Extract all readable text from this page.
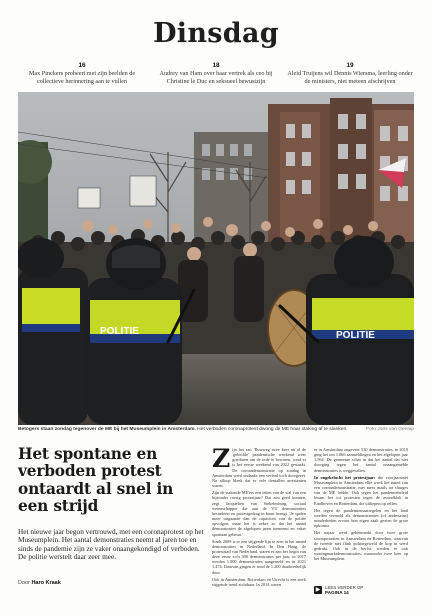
Dinsdag
16
Max Pinckers probeert met zijn beelden de collectieve herinnering aan te vullen
18
Audrey van Ham over haar vertrek als ceo bij Christine le Duc en seksueel bewustzijn
19
Aleid Truijens wil Dennis Wiersma, leerling onder de ministers, niet meteen afschrijven
POLITIE	POLITIE
Betogers staan zondag tegenover de ME bij het Museumplein in Amsterdam. Het verboden coronaprotest dwong de ME haar staking af te slanken.	Foto Joris van Gennip
Het spontane en verboden protest ontaardt al snel in een strijd

Het nieuwe jaar begon vertrouwd, met een coronaprotest op het Museumplein. Het aantal demonstraties neemt al jaren toe en sinds de pandemie zijn ze vaker onaangekondigd of verboden. De politie werstelt daar zeer mee.

Door Haro Kraak

Zijn het zat: 'Ruwweg twee keer nu al de 'geloofde' pandemische weekend weer goeduren om de orde te bewaren, werd er is het eerste weekend van 2022 gestaakt. De coronademonstratie op zondag in Amsterdam werd ondanks een verbod toch doorgezet. Na afloop bleek dat er vele tientallen arrestanten waren.

Zijn de stakende ME'ers een teken van de wal van een bijzonder roerig protestjaar? Dat zou goed kunnen, zegt Jacquelien van Stekelenburg, sociaal wetenschapper die aan de VU demonstraties bestudeert en protestgedrag in kaart brengt. 'Je spelen meer uitgaande dan de capaciteit van de politie opvolgen, maar het is zeker zo dat het aantal demonstraties de afgelopen jaren toeneemt en vaker spontaan gebeurt.'

Sinds 2009 is er een stijgende lijn te zien in het aantal demonstraties in Nederland. In Den Haag, de proteststad van Nederland, waren er aan het begin van deze eeuw zo'n 300 demonstraties per jaar, in 2017 werden 1.000 demonstraties aangemeld en in 2021 1.474. Daarvan gingen er rond de 1.200 daadwerkelijk door.

Ook in Amsterdam, Rotterdam en Utrecht is een sterk stijgende trend zichtbaar. In 2014 waren

er in Amsterdam ongeveer 530 demonstraties, in 2019 ging het om 1.066 aanmeldingen en het afgelopen jaar 1.564. De gemeente schat in dat het aantal dat niet doorging tegen het aantal onaangemelde demonstraties is weggevallen.

In ongekelucht het protestjaar: die voorjaarsmet Museumplein in Amsterdam elke week het tuned van een coronademonstratie, met meer maals tot charges van de ME leidde. Ook tegen het pandemiebeleid kwam het tot protesten tegen de avondklok in Eindhoven en Rotterdam, die uitliepen op rellen.

Het tegen de pandemiemaatregelen en het land werden vermeld als demonstranties (of anderszins) minderheden ervoor hun eigen zaak gezien de grote opkomst.

Het najaar werd gekenmerkt door twee grote stormprotesten in Amsterdam en Rotterdam, waarvan de tweede met flink politiegeweld de kop in werd gedrukt. Ook in de herfst: werden er ook woningmarktdemonstraties, waaronder twee keer op het Museumplein.

▶	LEES VERDER OP
PAGINA 14
